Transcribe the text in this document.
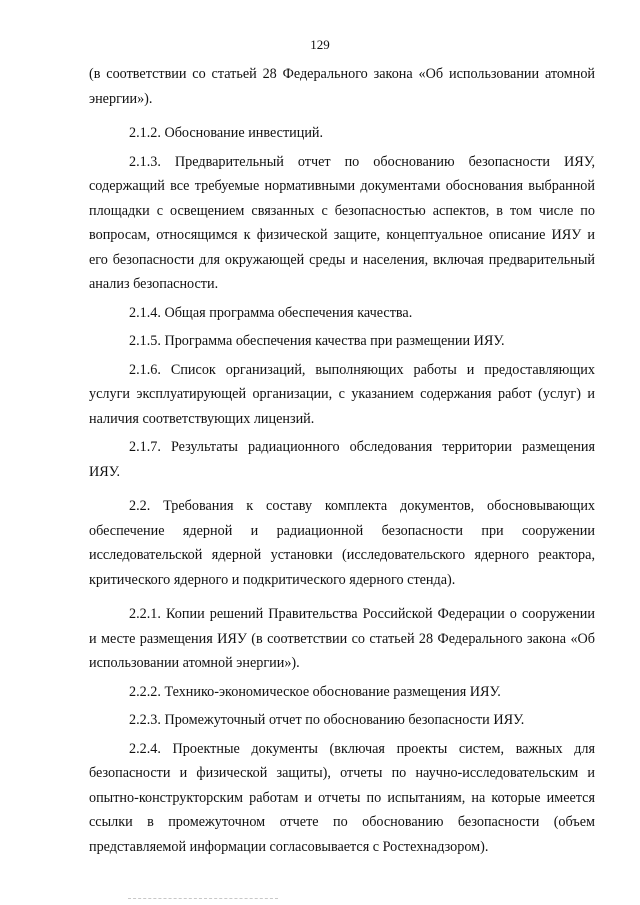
129

(в соответствии со статьей 28 Федерального закона «Об использовании атомной энергии»).

2.1.2. Обоснование инвестиций.

2.1.3. Предварительный отчет по обоснованию безопасности ИЯУ, содержащий все требуемые нормативными документами обоснования выбранной площадки с освещением связанных с безопасностью аспектов, в том числе по вопросам, относящимся к физической защите, концептуальное описание ИЯУ и его безопасности для окружающей среды и населения, включая предварительный анализ безопасности.

2.1.4. Общая программа обеспечения качества.

2.1.5. Программа обеспечения качества при размещении ИЯУ.

2.1.6. Список организаций, выполняющих работы и предоставляющих услуги эксплуатирующей организации, с указанием содержания работ (услуг) и наличия соответствующих лицензий.

2.1.7. Результаты радиационного обследования территории размещения ИЯУ.

2.2. Требования к составу комплекта документов, обосновывающих обеспечение ядерной и радиационной безопасности при сооружении исследовательской ядерной установки (исследовательского ядерного реактора, критического ядерного и подкритического ядерного стенда).

2.2.1. Копии решений Правительства Российской Федерации о сооружении и месте размещения ИЯУ (в соответствии со статьей 28 Федерального закона «Об использовании атомной энергии»).

2.2.2. Технико-экономическое обоснование размещения ИЯУ.

2.2.3. Промежуточный отчет по обоснованию безопасности ИЯУ.

2.2.4. Проектные документы (включая проекты систем, важных для безопасности и физической защиты), отчеты по научно-исследовательским и опытно-конструкторским работам и отчеты по испытаниям, на которые имеется ссылки в промежуточном отчете по обоснованию безопасности (объем представляемой информации согласовывается с Ростехнадзором).
